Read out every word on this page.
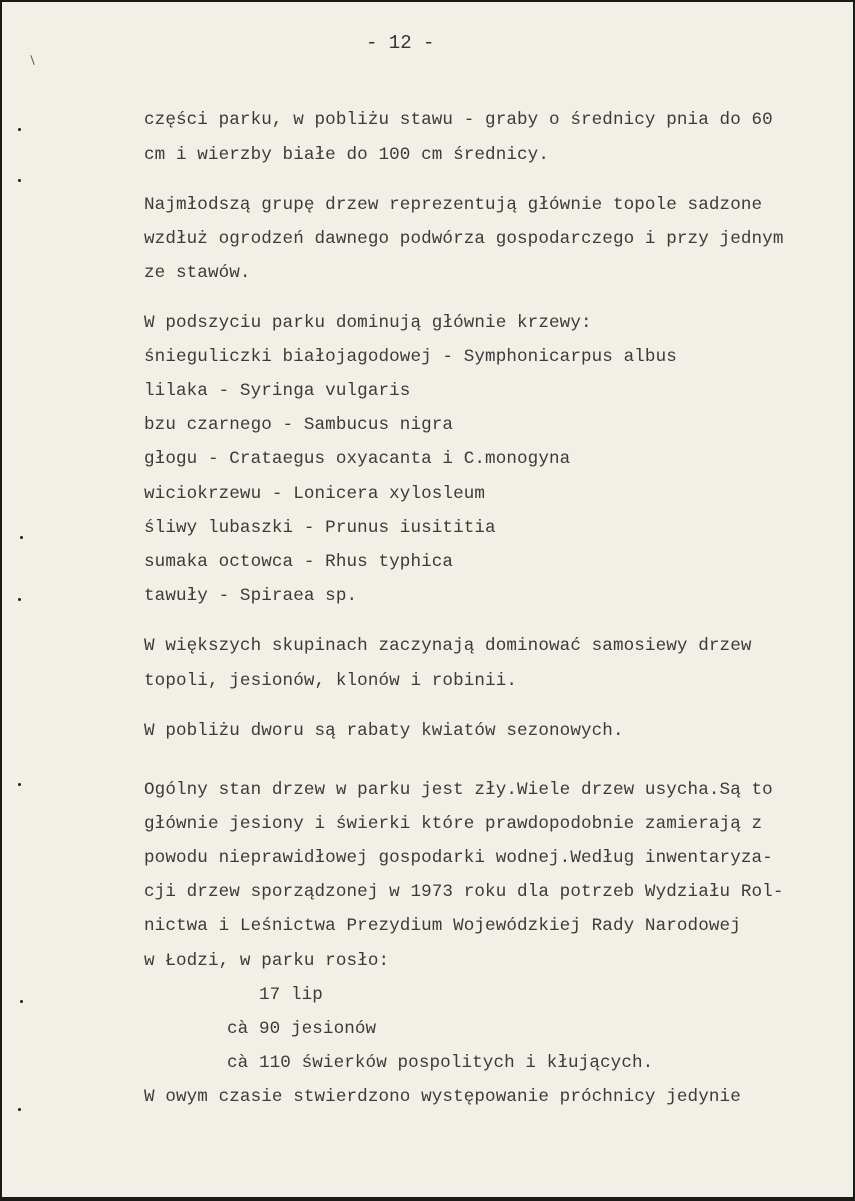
- 12 -
części parku, w pobliżu stawu - graby o średnicy pnia do 60
cm i wierzby białe do 100 cm średnicy.
Najmłodszą grupę drzew reprezentują głównie topole sadzone
wzdłuż ogrodzeń dawnego podwórza gospodarczego i przy jednym
ze stawów.
W podszyciu parku dominują głównie krzewy:
śnieguliczki białojagodowej - Symphonicarpus albus
lilaka - Syringa vulgaris
bzu czarnego - Sambucus nigra
głogu - Crataegus oxyacanta i C.monogyna
wiciokrzewu - Lonicera xylosleum
śliwy lubaszki - Prunus iusititia
sumaka octowca - Rhus typhica
tawuły - Spiraea sp.
W większych skupinach zaczynają dominować samosiewy drzew
topoli, jesionów, klonów i robinii.
W pobliżu dworu są rabaty kwiatów sezonowych.
Ogólny stan drzew w parku jest zły.Wiele drzew usycha.Są to
głównie jesiony i świerki które prawdopodobnie zamierają z
powodu nieprawidłowej gospodarki wodnej.Według inwentaryza-
cji drzew sporządzonej w 1973 roku dla potrzeb Wydziału Rol-
nictwa i Leśnictwa Prezydium Wojewódzkiej Rady Narodowej
w Łodzi, w parku rosło:
17 lip
cà 90 jesionów
cà 110 świerków pospolitych i kłujących.
W owym czasie stwierdzono występowanie próchnicy jedynie
